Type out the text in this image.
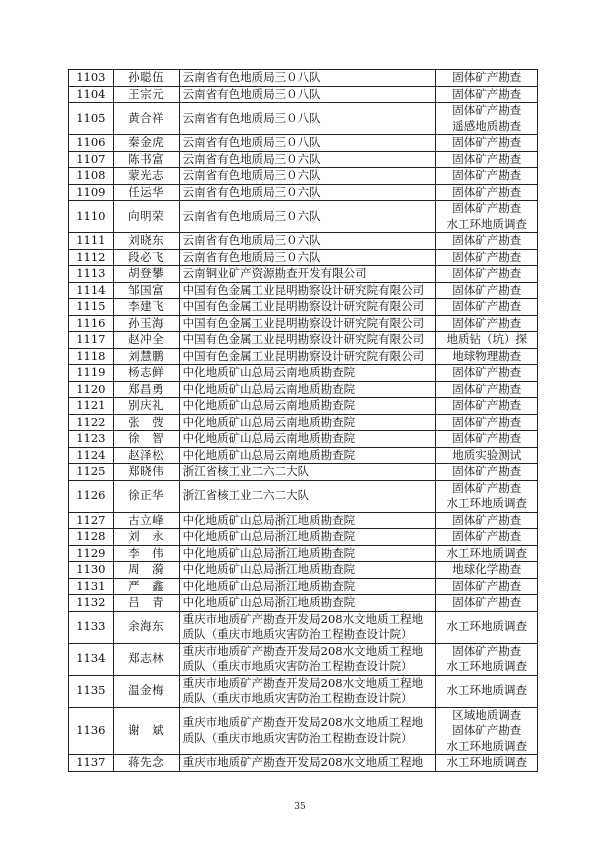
1103	孙聪伍	云南省有色地质局三０八队	固体矿产勘查

1104	王宗元	云南省有色地质局三０八队	固体矿产勘查

1105	黄合祥	云南省有色地质局三０八队	固体矿产勘查
遥感地质勘查

1106	秦金虎	云南省有色地质局三０八队	固体矿产勘查

1107	陈书富	云南省有色地质局三０六队	固体矿产勘查

1108	蒙光志	云南省有色地质局三０六队	固体矿产勘查

1109	任运华	云南省有色地质局三０六队	固体矿产勘查

1110	向明荣	云南省有色地质局三０六队	固体矿产勘查
水工环地质调查

1111	刘晓东	云南省有色地质局三０六队	固体矿产勘查

1112	段必飞	云南省有色地质局三０六队	固体矿产勘查

1113	胡登攀	云南铜业矿产资源勘查开发有限公司	固体矿产勘查

1114	邹国富	中国有色金属工业昆明勘察设计研究院有限公司	固体矿产勘查

1115	李建飞	中国有色金属工业昆明勘察设计研究院有限公司	固体矿产勘查

1116	孙玉海	中国有色金属工业昆明勘察设计研究院有限公司	固体矿产勘查

1117	赵冲全	中国有色金属工业昆明勘察设计研究院有限公司	地质钻（坑）探

1118	刘慧鹏	中国有色金属工业昆明勘察设计研究院有限公司	地球物理勘查

1119	杨志鲜	中化地质矿山总局云南地质勘查院	固体矿产勘查

1120	郑昌勇	中化地质矿山总局云南地质勘查院	固体矿产勘查

1121	别庆礼	中化地质矿山总局云南地质勘查院	固体矿产勘查

1122	张　弢	中化地质矿山总局云南地质勘查院	固体矿产勘查

1123	徐　智	中化地质矿山总局云南地质勘查院	固体矿产勘查

1124	赵泽松	中化地质矿山总局云南地质勘查院	地质实验测试

1125	郑晓伟	浙江省核工业二六二大队	固体矿产勘查

1126	徐正华	浙江省核工业二六二大队	固体矿产勘查
水工环地质调查

1127	古立峰	中化地质矿山总局浙江地质勘查院	固体矿产勘查

1128	刘　永	中化地质矿山总局浙江地质勘查院	固体矿产勘查

1129	李　伟	中化地质矿山总局浙江地质勘查院	水工环地质调查

1130	周　漪	中化地质矿山总局浙江地质勘查院	地球化学勘查

1131	严　鑫	中化地质矿山总局浙江地质勘查院	固体矿产勘查

1132	吕　青	中化地质矿山总局浙江地质勘查院	固体矿产勘查

1133	余海东	重庆市地质矿产勘查开发局208水文地质工程地
质队（重庆市地质灾害防治工程勘查设计院）	水工环地质调查

1134	郑志林	重庆市地质矿产勘查开发局208水文地质工程地
质队（重庆市地质灾害防治工程勘查设计院）	固体矿产勘查
水工环地质调查

1135	温金梅	重庆市地质矿产勘查开发局208水文地质工程地
质队（重庆市地质灾害防治工程勘查设计院）	水工环地质调查

1136	谢　斌	重庆市地质矿产勘查开发局208水文地质工程地
质队（重庆市地质灾害防治工程勘查设计院）	区域地质调查
固体矿产勘查
水工环地质调查

1137	蒋先念	重庆市地质矿产勘查开发局208水文地质工程地	水工环地质调查
35
